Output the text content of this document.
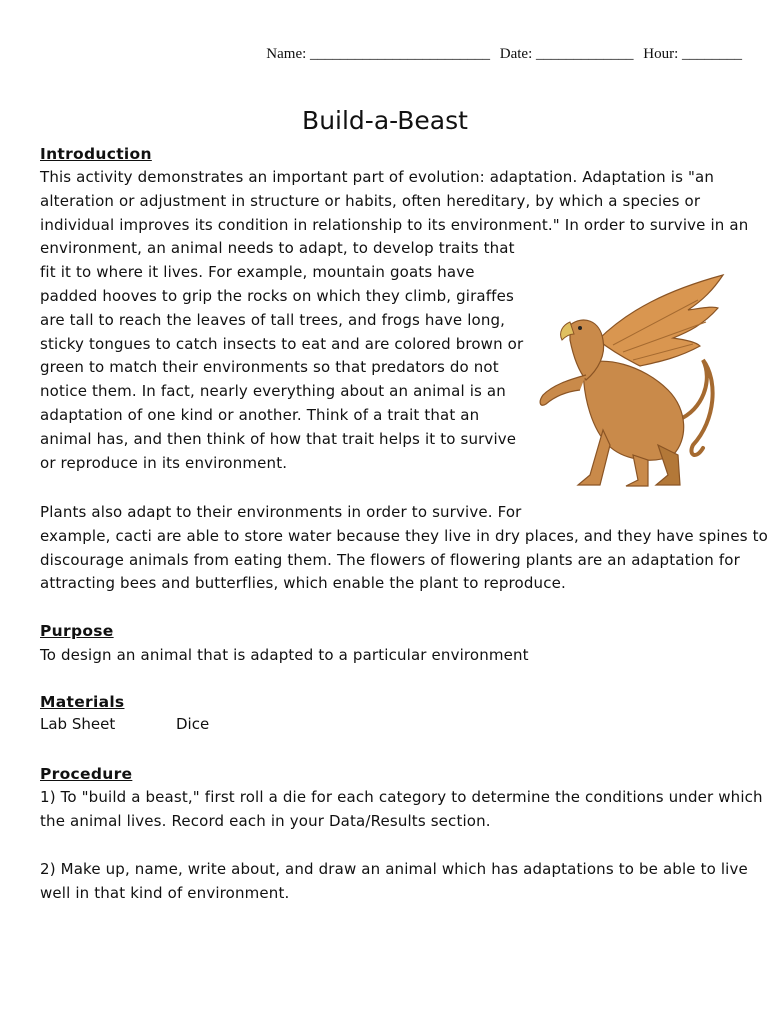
Name: ________________________ Date: _____________ Hour: ________
Build-a-Beast
Introduction

This activity demonstrates an important part of evolution: adaptation. Adaptation is "an
alteration or adjustment in structure or habits, often hereditary, by which a species or
individual improves its condition in relationship to its environment." In order to survive in an
environment, an animal needs to adapt, to develop traits that
fit it to where it lives. For example, mountain goats have
padded hooves to grip the rocks on which they climb, giraffes
are tall to reach the leaves of tall trees, and frogs have long,
sticky tongues to catch insects to eat and are colored brown or
green to match their environments so that predators do not
notice them. In fact, nearly everything about an animal is an
adaptation of one kind or another. Think of a trait that an
animal has, and then think of how that trait helps it to survive
or reproduce in its environment.

Plants also adapt to their environments in order to survive. For
example, cacti are able to store water because they live in dry places, and they have spines to
discourage animals from eating them. The flowers of flowering plants are an adaptation for
attracting bees and butterflies, which enable the plant to reproduce.

Purpose

To design an animal that is adapted to a particular environment

Materials
Lab Sheet	Dice
Procedure

1) To "build a beast," first roll a die for each category to determine the conditions under which
the animal lives. Record each in your Data/Results section.

2) Make up, name, write about, and draw an animal which has adaptations to be able to live
well in that kind of environment.
